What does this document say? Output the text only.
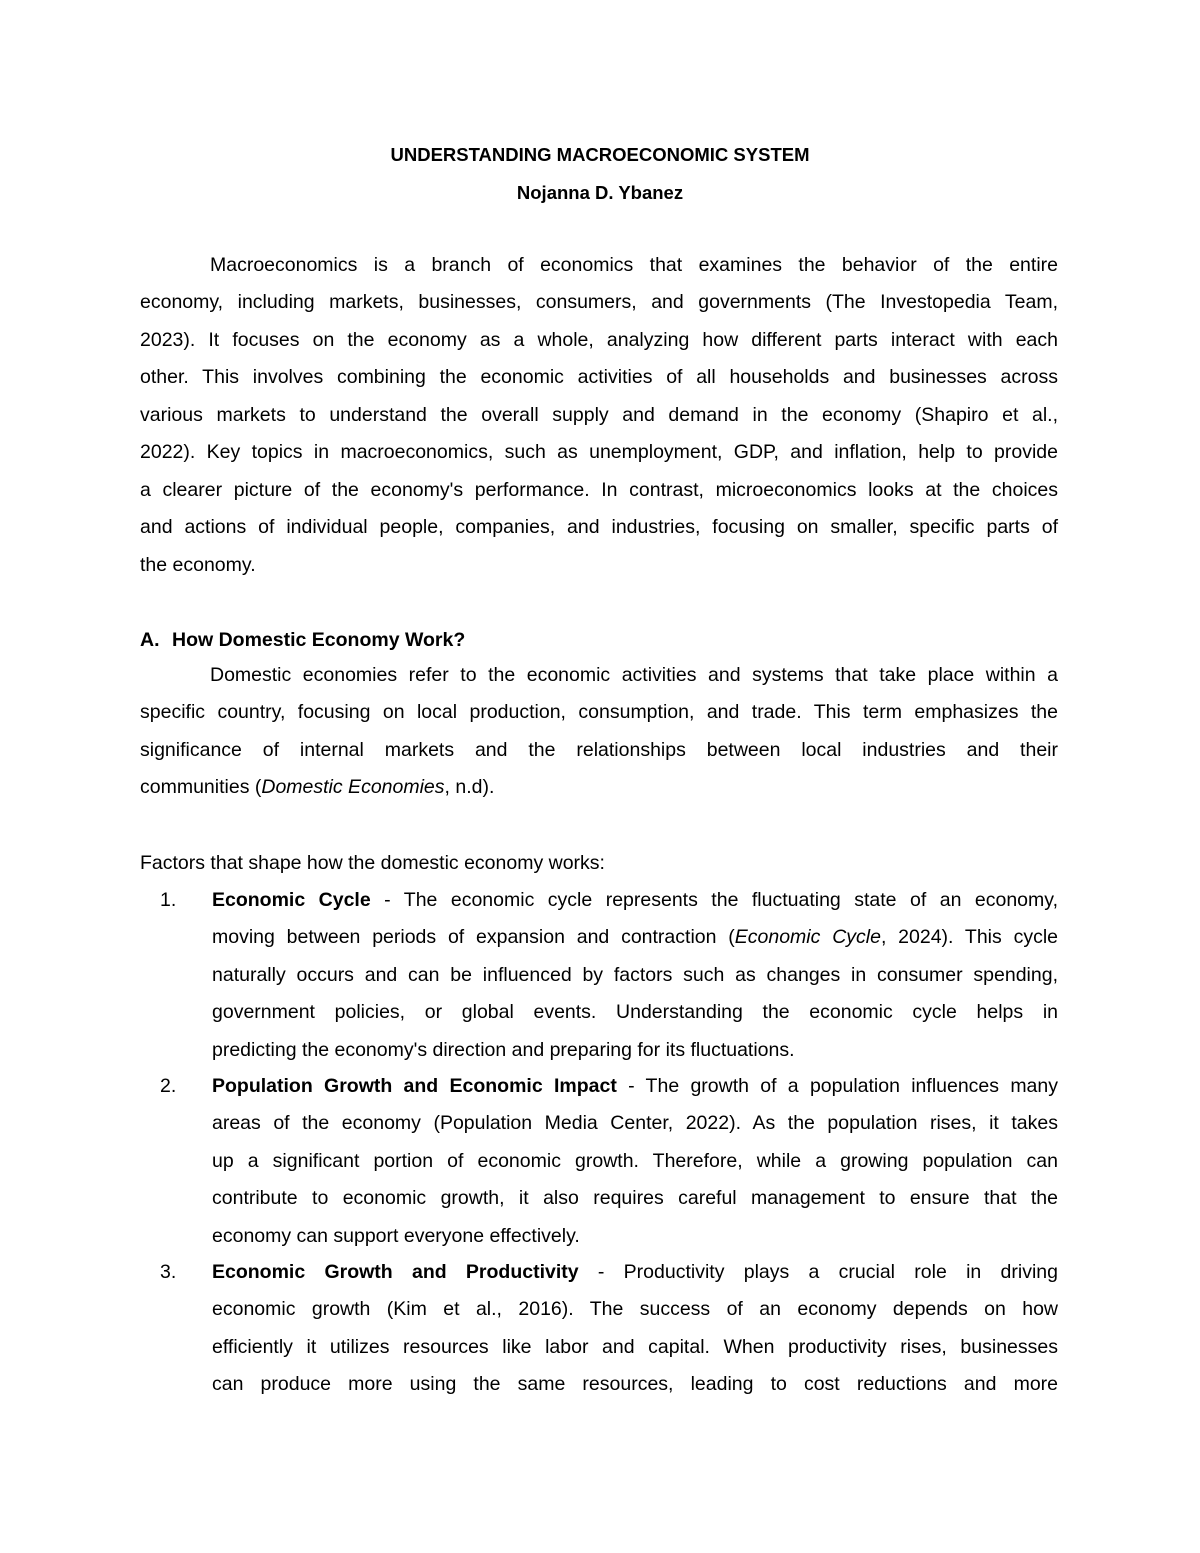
UNDERSTANDING MACROECONOMIC SYSTEM
Nojanna D. Ybanez
A. How Domestic Economy Work?
Factors that shape how the domestic economy works:
Macroeconomics is a branch of economics that examines the behavior of the entire
economy, including markets, businesses, consumers, and governments (The Investopedia Team,
2023). It focuses on the economy as a whole, analyzing how different parts interact with each
other. This involves combining the economic activities of all households and businesses across
various markets to understand the overall supply and demand in the economy (Shapiro et al.,
2022). Key topics in macroeconomics, such as unemployment, GDP, and inflation, help to provide
a clearer picture of the economy's performance. In contrast, microeconomics looks at the choices
and actions of individual people, companies, and industries, focusing on smaller, specific parts of
the economy.
Domestic economies refer to the economic activities and systems that take place within a
specific country, focusing on local production, consumption, and trade. This term emphasizes the
significance of internal markets and the relationships between local industries and their
communities (Domestic Economies, n.d).
1. Economic Cycle - The economic cycle represents the fluctuating state of an economy,
moving between periods of expansion and contraction (Economic Cycle, 2024). This cycle
naturally occurs and can be influenced by factors such as changes in consumer spending,
government policies, or global events. Understanding the economic cycle helps in
predicting the economy's direction and preparing for its fluctuations.
2. Population Growth and Economic Impact - The growth of a population influences many
areas of the economy (Population Media Center, 2022). As the population rises, it takes
up a significant portion of economic growth. Therefore, while a growing population can
contribute to economic growth, it also requires careful management to ensure that the
economy can support everyone effectively.
3. Economic Growth and Productivity - Productivity plays a crucial role in driving
economic growth (Kim et al., 2016). The success of an economy depends on how
efficiently it utilizes resources like labor and capital. When productivity rises, businesses
can produce more using the same resources, leading to cost reductions and more
